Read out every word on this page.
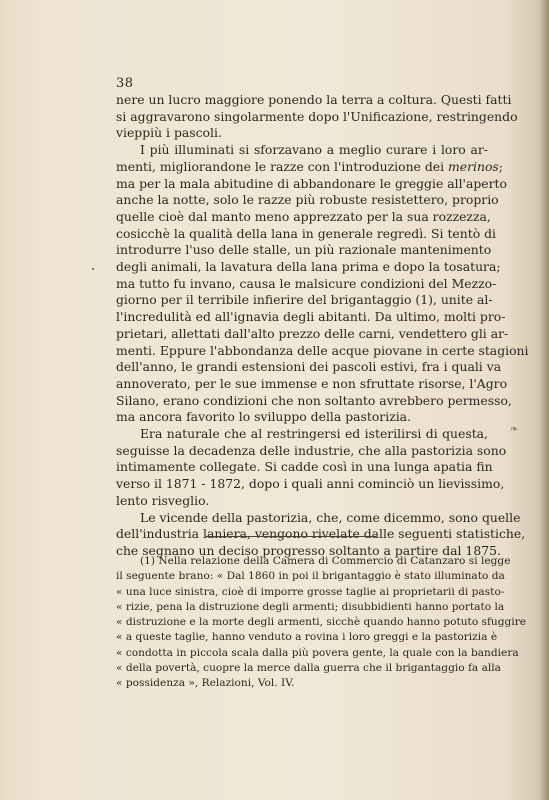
38

nere un lucro maggiore ponendo la terra a coltura. Questi fatti
si aggravarono singolarmente dopo l'Unificazione, restringendo
vieppiù i pascoli.

I più illuminati si sforzavano a meglio curare i loro ar-
menti, migliorandone le razze con l'introduzione dei merinos;
ma per la mala abitudine di abbandonare le greggie all'aperto
anche la notte, solo le razze più robuste resistettero, proprio
quelle cioè dal manto meno apprezzato per la sua rozzezza,
cosicchè la qualità della lana in generale regredì. Si tentò di
introdurre l'uso delle stalle, un più razionale mantenimento
degli animali, la lavatura della lana prima e dopo la tosatura;
ma tutto fu invano, causa le malsicure condizioni del Mezzo-
giorno per il terribile infierire del brigantaggio (1), unite al-
l'incredulità ed all'ignavia degli abitanti. Da ultimo, molti pro-
prietari, allettati dall'alto prezzo delle carni, vendettero gli ar-
menti. Eppure l'abbondanza delle acque piovane in certe stagioni
dell'anno, le grandi estensioni dei pascoli estivi, fra i quali va
annoverato, per le sue immense e non sfruttate risorse, l'Agro
Silano, erano condizioni che non soltanto avrebbero permesso,
ma ancora favorito lo sviluppo della pastorizia.

Era naturale che al restringersi ed isterilirsi di questa,
seguisse la decadenza delle industrie, che alla pastorizia sono
intimamente collegate. Si cadde così in una lunga apatia fin
verso il 1871 - 1872, dopo i quali anni cominciò un lievissimo,
lento risveglio.

Le vicende della pastorizia, che, come dicemmo, sono quelle
dell'industria laniera, vengono rivelate dalle seguenti statistiche,
che segnano un deciso progresso soltanto a partire dal 1875.

(1) Nella relazione della Camera di Commercio di Catanzaro si legge
il seguente brano: « Dal 1860 in poi il brigantaggio è stato illuminato da
« una luce sinistra, cioè di imporre grosse taglie ai proprietarii di pasto-
« rizie, pena la distruzione degli armenti; disubbidienti hanno portato la
« distruzione e la morte degli armenti, sicchè quando hanno potuto sfuggire
« a queste taglie, hanno venduto a rovina i loro greggi e la pastorizia è
« condotta in piccola scala dalla più povera gente, la quale con la bandiera
« della povertà, cuopre la merce dalla guerra che il brigantaggio fa alla
« possidenza », Relazioni, Vol. IV.
❧
